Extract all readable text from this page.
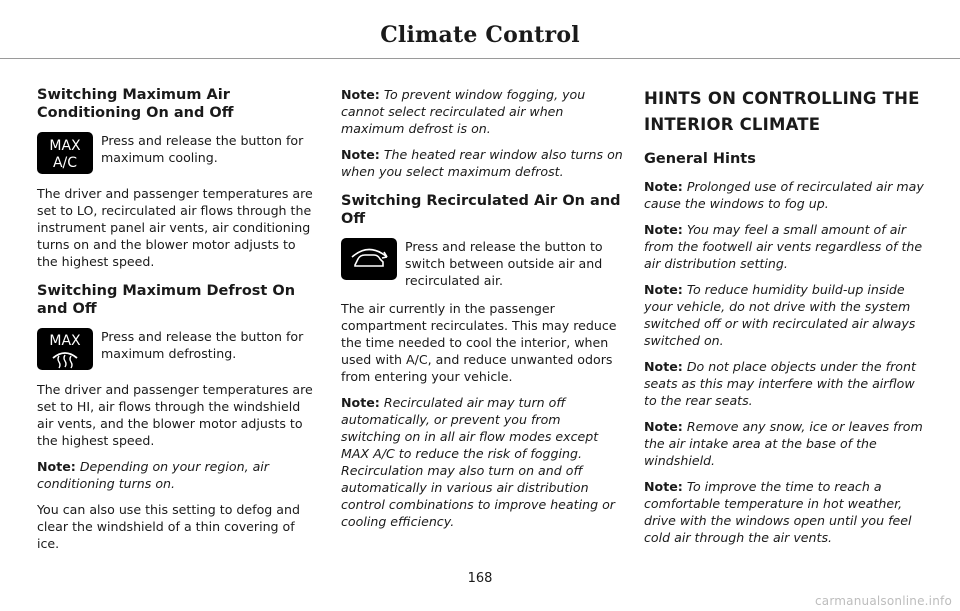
Climate Control
Switching Maximum Air Conditioning On and Off
MAX
A/C
Press and release the button for maximum cooling.

The driver and passenger temperatures are set to LO, recirculated air flows through the instrument panel air vents, air conditioning turns on and the blower motor adjusts to the highest speed.

Switching Maximum Defrost On and Off
MAX Press and release the button for maximum defrosting.

The driver and passenger temperatures are set to HI, air flows through the windshield air vents, and the blower motor adjusts to the highest speed.

Note: Depending on your region, air conditioning turns on.

You can also use this setting to defog and clear the windshield of a thin covering of ice.

Note: To prevent window fogging, you cannot select recirculated air when maximum defrost is on.

Note: The heated rear window also turns on when you select maximum defrost.

Switching Recirculated Air On and Off
Press and release the button to switch between outside air and recirculated air.

The air currently in the passenger compartment recirculates. This may reduce the time needed to cool the interior, when used with A/C, and reduce unwanted odors from entering your vehicle.

Note: Recirculated air may turn off automatically, or prevent you from switching on in all air flow modes except MAX A/C to reduce the risk of fogging. Recirculation may also turn on and off automatically in various air distribution control combinations to improve heating or cooling efficiency.

HINTS ON CONTROLLING THE INTERIOR CLIMATE
General Hints

Note: Prolonged use of recirculated air may cause the windows to fog up.

Note: You may feel a small amount of air from the footwell air vents regardless of the air distribution setting.

Note: To reduce humidity build-up inside your vehicle, do not drive with the system switched off or with recirculated air always switched on.

Note: Do not place objects under the front seats as this may interfere with the airflow to the rear seats.

Note: Remove any snow, ice or leaves from the air intake area at the base of the windshield.

Note: To improve the time to reach a comfortable temperature in hot weather, drive with the windows open until you feel cold air through the air vents.

168
carmanualsonline.info
